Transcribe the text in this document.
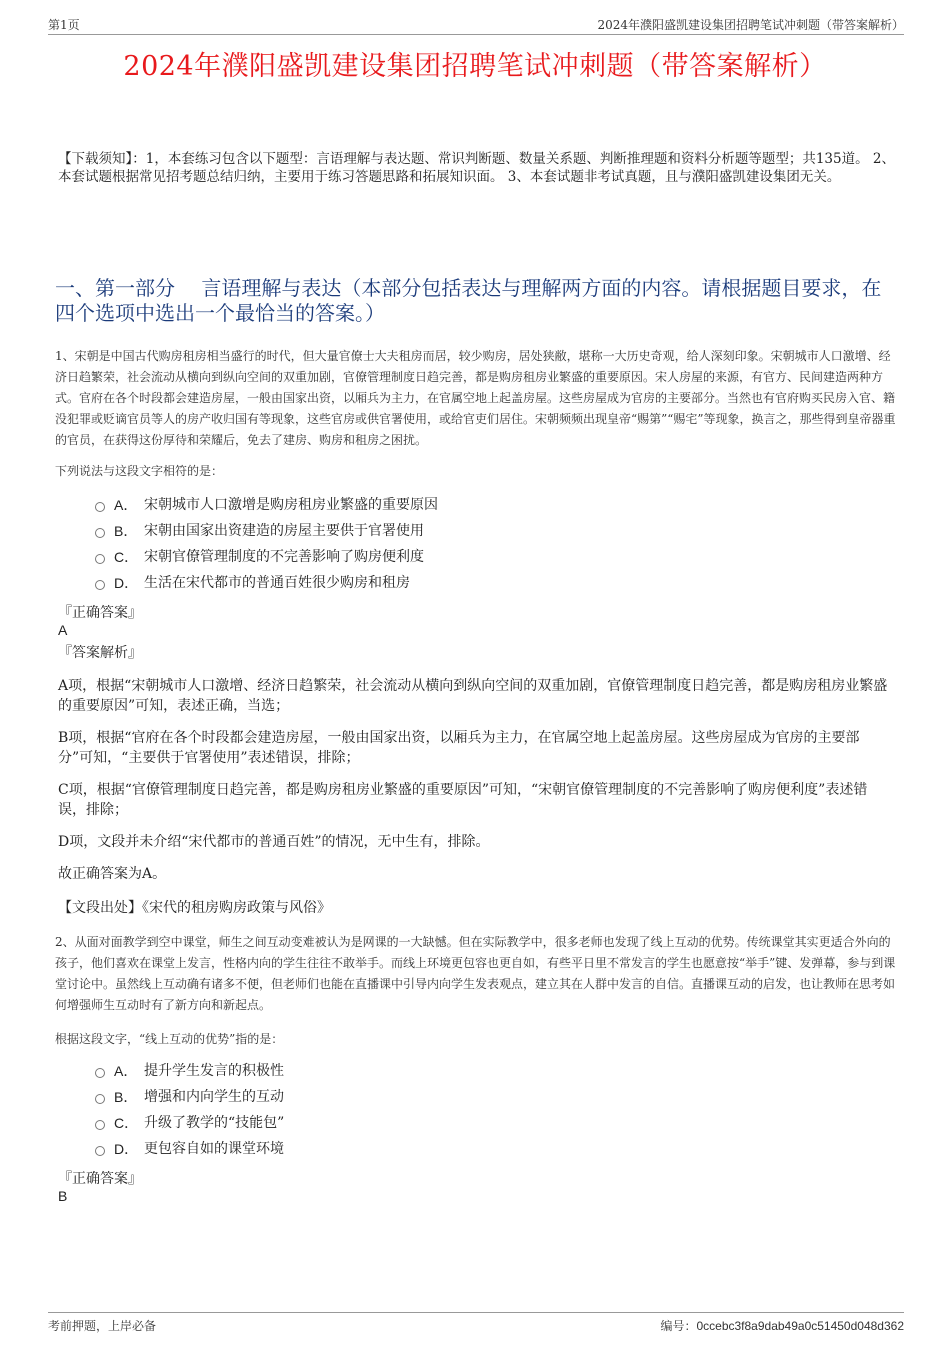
第1页	2024年濮阳盛凯建设集团招聘笔试冲刺题（带答案解析）
2024年濮阳盛凯建设集团招聘笔试冲刺题（带答案解析）
【下载须知】：1，本套练习包含以下题型：言语理解与表达题、常识判断题、数量关系题、判断推理题和资料分析题等题型；共135道。 2、本套试题根据常见招考题总结归纳，主要用于练习答题思路和拓展知识面。 3、本套试题非考试真题，且与濮阳盛凯建设集团无关。
一、第一部分　 言语理解与表达（本部分包括表达与理解两方面的内容。请根据题目要求，在四个选项中选出一个最恰当的答案。）
1、宋朝是中国古代购房租房相当盛行的时代，但大量官僚士大夫租房而居，较少购房，居处狭敝，堪称一大历史奇观，给人深刻印象。宋朝城市人口激增、经济日趋繁荣，社会流动从横向到纵向空间的双重加剧，官僚管理制度日趋完善，都是购房租房业繁盛的重要原因。宋人房屋的来源，有官方、民间建造两种方式。官府在各个时段都会建造房屋，一般由国家出资，以厢兵为主力，在官属空地上起盖房屋。这些房屋成为官房的主要部分。当然也有官府购买民房入官、籍没犯罪或贬谪官员等人的房产收归国有等现象，这些官房或供官署使用，或给官吏们居住。宋朝频频出现皇帝“赐第”“赐宅”等现象，换言之，那些得到皇帝器重的官员，在获得这份厚待和荣耀后，免去了建房、购房和租房之困扰。
下列说法与这段文字相符的是：
A． 宋朝城市人口激增是购房租房业繁盛的重要原因
B． 宋朝由国家出资建造的房屋主要供于官署使用
C． 宋朝官僚管理制度的不完善影响了购房便利度
D． 生活在宋代都市的普通百姓很少购房和租房
『正确答案』
A
『答案解析』
A项，根据“宋朝城市人口激增、经济日趋繁荣，社会流动从横向到纵向空间的双重加剧，官僚管理制度日趋完善，都是购房租房业繁盛的重要原因”可知，表述正确，当选；
B项，根据“官府在各个时段都会建造房屋，一般由国家出资，以厢兵为主力，在官属空地上起盖房屋。这些房屋成为官房的主要部分”可知，“主要供于官署使用”表述错误，排除；
C项，根据“官僚管理制度日趋完善，都是购房租房业繁盛的重要原因”可知，“宋朝官僚管理制度的不完善影响了购房便利度”表述错误，排除；
D项，文段并未介绍“宋代都市的普通百姓”的情况，无中生有，排除。
故正确答案为A。
【文段出处】《宋代的租房购房政策与风俗》
2、从面对面教学到空中课堂，师生之间互动变难被认为是网课的一大缺憾。但在实际教学中，很多老师也发现了线上互动的优势。传统课堂其实更适合外向的孩子，他们喜欢在课堂上发言，性格内向的学生往往不敢举手。而线上环境更包容也更自如，有些平日里不常发言的学生也愿意按“举手”键、发弹幕，参与到课堂讨论中。虽然线上互动确有诸多不便，但老师们也能在直播课中引导内向学生发表观点，建立其在人群中发言的自信。直播课互动的启发，也让教师在思考如何增强师生互动时有了新方向和新起点。
根据这段文字，“线上互动的优势”指的是：
A． 提升学生发言的积极性
B． 增强和内向学生的互动
C． 升级了教学的“技能包”
D． 更包容自如的课堂环境
『正确答案』
B
考前押题，上岸必备	编号：0ccebc3f8a9dab49a0c51450d048d362
